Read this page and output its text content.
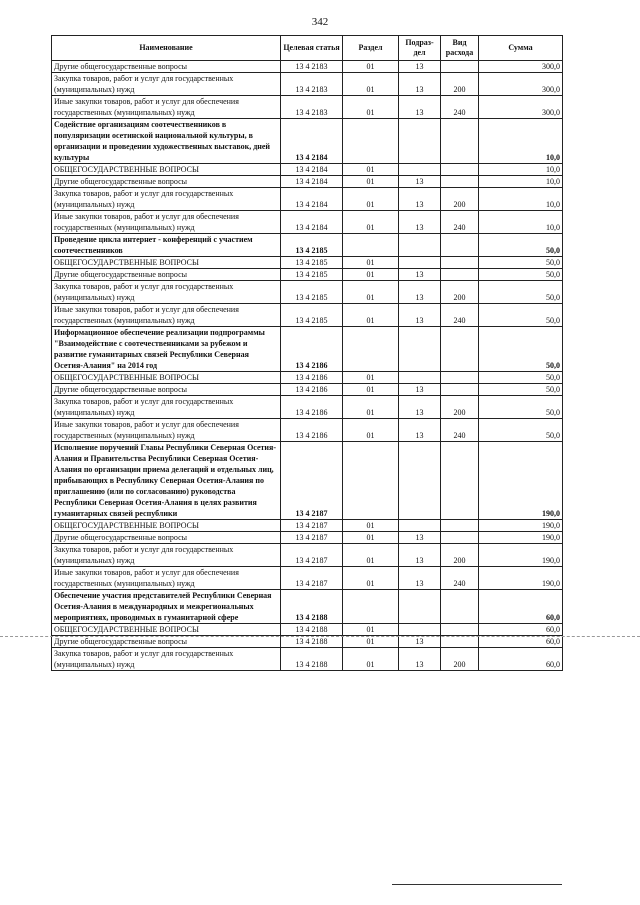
342
Наименование	Целевая статья	Раздел	Подраз-дел	Вид расхода	Сумма
Другие общегосударственные вопросы	13 4 2183	01	13		300,0
Закупка товаров, работ и услуг для государственных (муниципальных) нужд	13 4 2183	01	13	200	300,0
Иные закупки товаров, работ и услуг для обеспечения государственных (муниципальных) нужд	13 4 2183	01	13	240	300,0
Содействие организациям соотечественников в популяризации осетинской национальной культуры, в организации и проведении художественных выставок, дней культуры	13 4 2184				10,0
ОБЩЕГОСУДАРСТВЕННЫЕ ВОПРОСЫ	13 4 2184	01			10,0
Другие общегосударственные вопросы	13 4 2184	01	13		10,0
Закупка товаров, работ и услуг для государственных (муниципальных) нужд	13 4 2184	01	13	200	10,0
Иные закупки товаров, работ и услуг для обеспечения государственных (муниципальных) нужд	13 4 2184	01	13	240	10,0
Проведение цикла интернет - конференций с участием соотечественников	13 4 2185				50,0
ОБЩЕГОСУДАРСТВЕННЫЕ ВОПРОСЫ	13 4 2185	01			50,0
Другие общегосударственные вопросы	13 4 2185	01	13		50,0
Закупка товаров, работ и услуг для государственных (муниципальных) нужд	13 4 2185	01	13	200	50,0
Иные закупки товаров, работ и услуг для обеспечения государственных (муниципальных) нужд	13 4 2185	01	13	240	50,0
Информационное обеспечение реализации подпрограммы "Взаимодействие с соотечественниками за рубежом и развитие гуманитарных связей Республики Северная Осетия-Алания" на 2014 год	13 4 2186				50,0
ОБЩЕГОСУДАРСТВЕННЫЕ ВОПРОСЫ	13 4 2186	01			50,0
Другие общегосударственные вопросы	13 4 2186	01	13		50,0
Закупка товаров, работ и услуг для государственных (муниципальных) нужд	13 4 2186	01	13	200	50,0
Иные закупки товаров, работ и услуг для обеспечения государственных (муниципальных) нужд	13 4 2186	01	13	240	50,0
Исполнение поручений Главы Республики Северная Осетия-Алания и Правительства Республики Северная Осетия-Алания по организации приема делегаций и отдельных лиц, прибывающих в Республику Северная Осетия-Алания по приглашению (или по согласованию) руководства Республики Северная Осетия-Алания в целях развития гуманитарных связей республики	13 4 2187				190,0
ОБЩЕГОСУДАРСТВЕННЫЕ ВОПРОСЫ	13 4 2187	01			190,0
Другие общегосударственные вопросы	13 4 2187	01	13		190,0
Закупка товаров, работ и услуг для государственных (муниципальных) нужд	13 4 2187	01	13	200	190,0
Иные закупки товаров, работ и услуг для обеспечения государственных (муниципальных) нужд	13 4 2187	01	13	240	190,0
Обеспечение участия представителей Республики Северная Осетия-Алания в международных и межрегиональных мероприятиях, проводимых в гуманитарной сфере	13 4 2188				60,0
ОБЩЕГОСУДАРСТВЕННЫЕ ВОПРОСЫ	13 4 2188	01			60,0
Другие общегосударственные вопросы	13 4 2188	01	13		60,0
Закупка товаров, работ и услуг для государственных (муниципальных) нужд	13 4 2188	01	13	200	60,0
